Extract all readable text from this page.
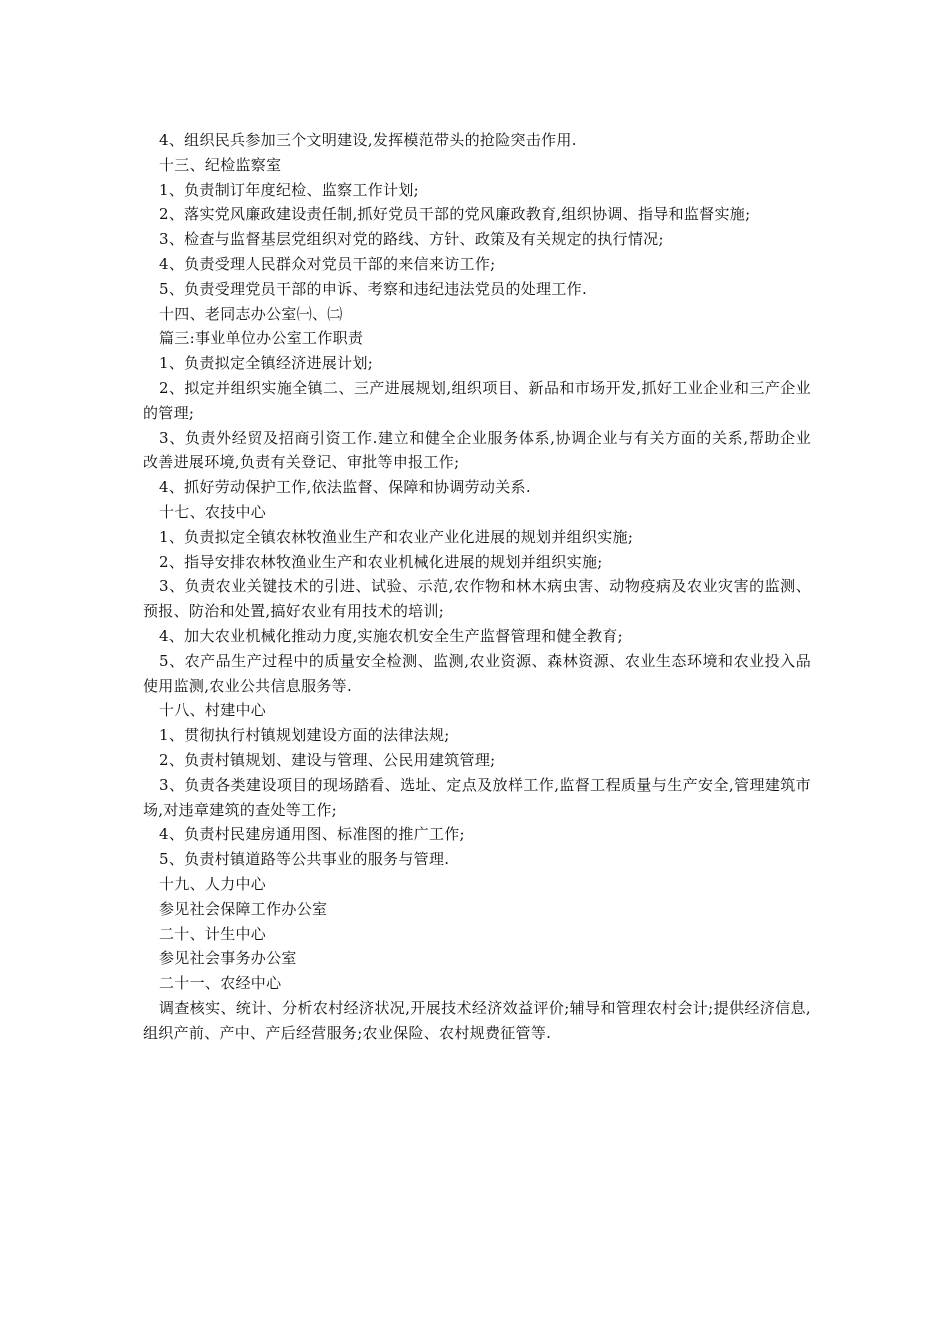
4、组织民兵参加三个文明建设,发挥模范带头的抢险突击作用.

十三、纪检监察室

1、负责制订年度纪检、监察工作计划;

2、落实党风廉政建设责任制,抓好党员干部的党风廉政教育,组织协调、指导和监督实施;

3、检查与监督基层党组织对党的路线、方针、政策及有关规定的执行情况;

4、负责受理人民群众对党员干部的来信来访工作;

5、负责受理党员干部的申诉、考察和违纪违法党员的处理工作.

十四、老同志办公室㈠、㈡

篇三:事业单位办公室工作职责

1、负责拟定全镇经济进展计划;

2、拟定并组织实施全镇二、三产进展规划,组织项目、新品和市场开发,抓好工业企业和三产企业的管理;

3、负责外经贸及招商引资工作.建立和健全企业服务体系,协调企业与有关方面的关系,帮助企业改善进展环境,负责有关登记、审批等申报工作;

4、抓好劳动保护工作,依法监督、保障和协调劳动关系.

十七、农技中心

1、负责拟定全镇农林牧渔业生产和农业产业化进展的规划并组织实施;

2、指导安排农林牧渔业生产和农业机械化进展的规划并组织实施;

3、负责农业关键技术的引进、试验、示范,农作物和林木病虫害、动物疫病及农业灾害的监测、预报、防治和处置,搞好农业有用技术的培训;

4、加大农业机械化推动力度,实施农机安全生产监督管理和健全教育;

5、农产品生产过程中的质量安全检测、监测,农业资源、森林资源、农业生态环境和农业投入品使用监测,农业公共信息服务等.

十八、村建中心

1、贯彻执行村镇规划建设方面的法律法规;

2、负责村镇规划、建设与管理、公民用建筑管理;

3、负责各类建设项目的现场踏看、选址、定点及放样工作,监督工程质量与生产安全,管理建筑市场,对违章建筑的查处等工作;

4、负责村民建房通用图、标准图的推广工作;

5、负责村镇道路等公共事业的服务与管理.

十九、人力中心

参见社会保障工作办公室

二十、计生中心

参见社会事务办公室

二十一、农经中心

调查核实、统计、分析农村经济状况,开展技术经济效益评价;辅导和管理农村会计;提供经济信息,组织产前、产中、产后经营服务;农业保险、农村规费征管等.
